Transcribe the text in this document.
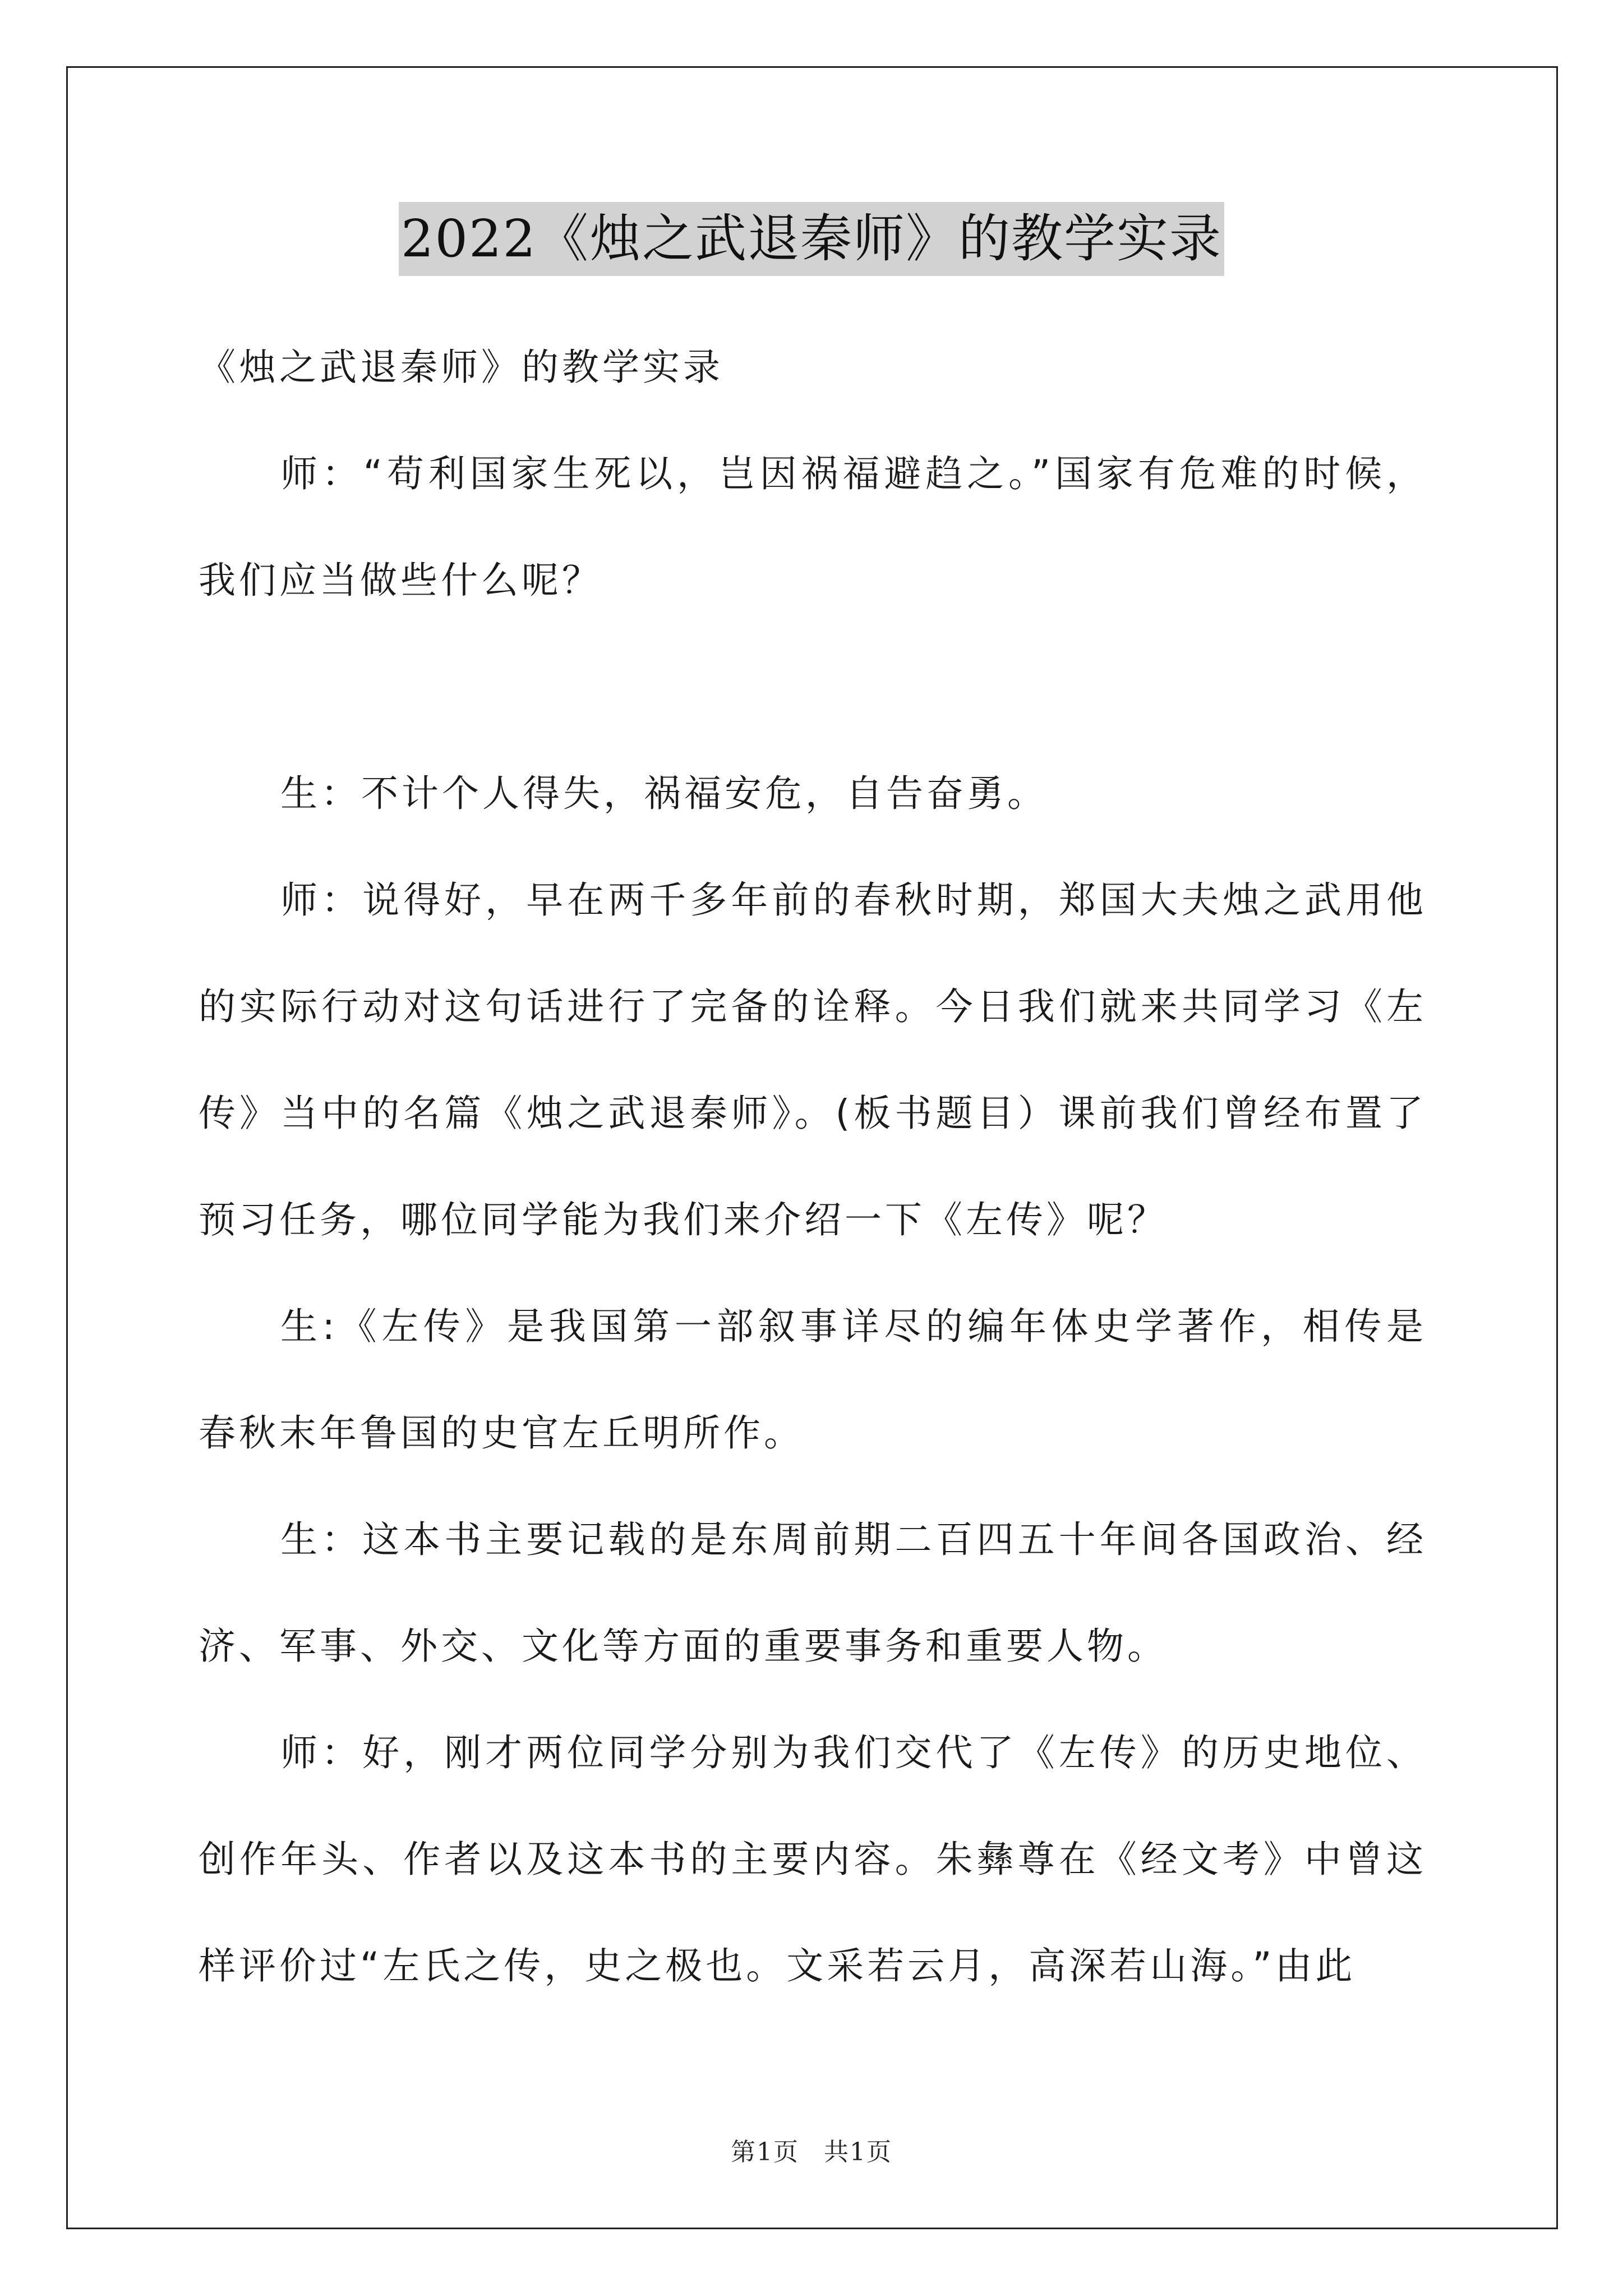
2022《烛之武退秦师》的教学实录

《烛之武退秦师》的教学实录

师：“苟利国家生死以，岂因祸福避趋之。”国家有危难的时候，我们应当做些什么呢？

生：不计个人得失，祸福安危，自告奋勇。

师：说得好，早在两千多年前的春秋时期，郑国大夫烛之武用他的实际行动对这句话进行了完备的诠释。今日我们就来共同学习《左传》当中的名篇《烛之武退秦师》。(板书题目）课前我们曾经布置了预习任务，哪位同学能为我们来介绍一下《左传》呢？

生:《左传》是我国第一部叙事详尽的编年体史学著作，相传是春秋末年鲁国的史官左丘明所作。

生：这本书主要记载的是东周前期二百四五十年间各国政治、经济、军事、外交、文化等方面的重要事务和重要人物。

师：好，刚才两位同学分别为我们交代了《左传》的历史地位、创作年头、作者以及这本书的主要内容。朱彝尊在《经文考》中曾这样评价过“左氏之传，史之极也。文采若云月，高深若山海。”由此

第1页 共1页
